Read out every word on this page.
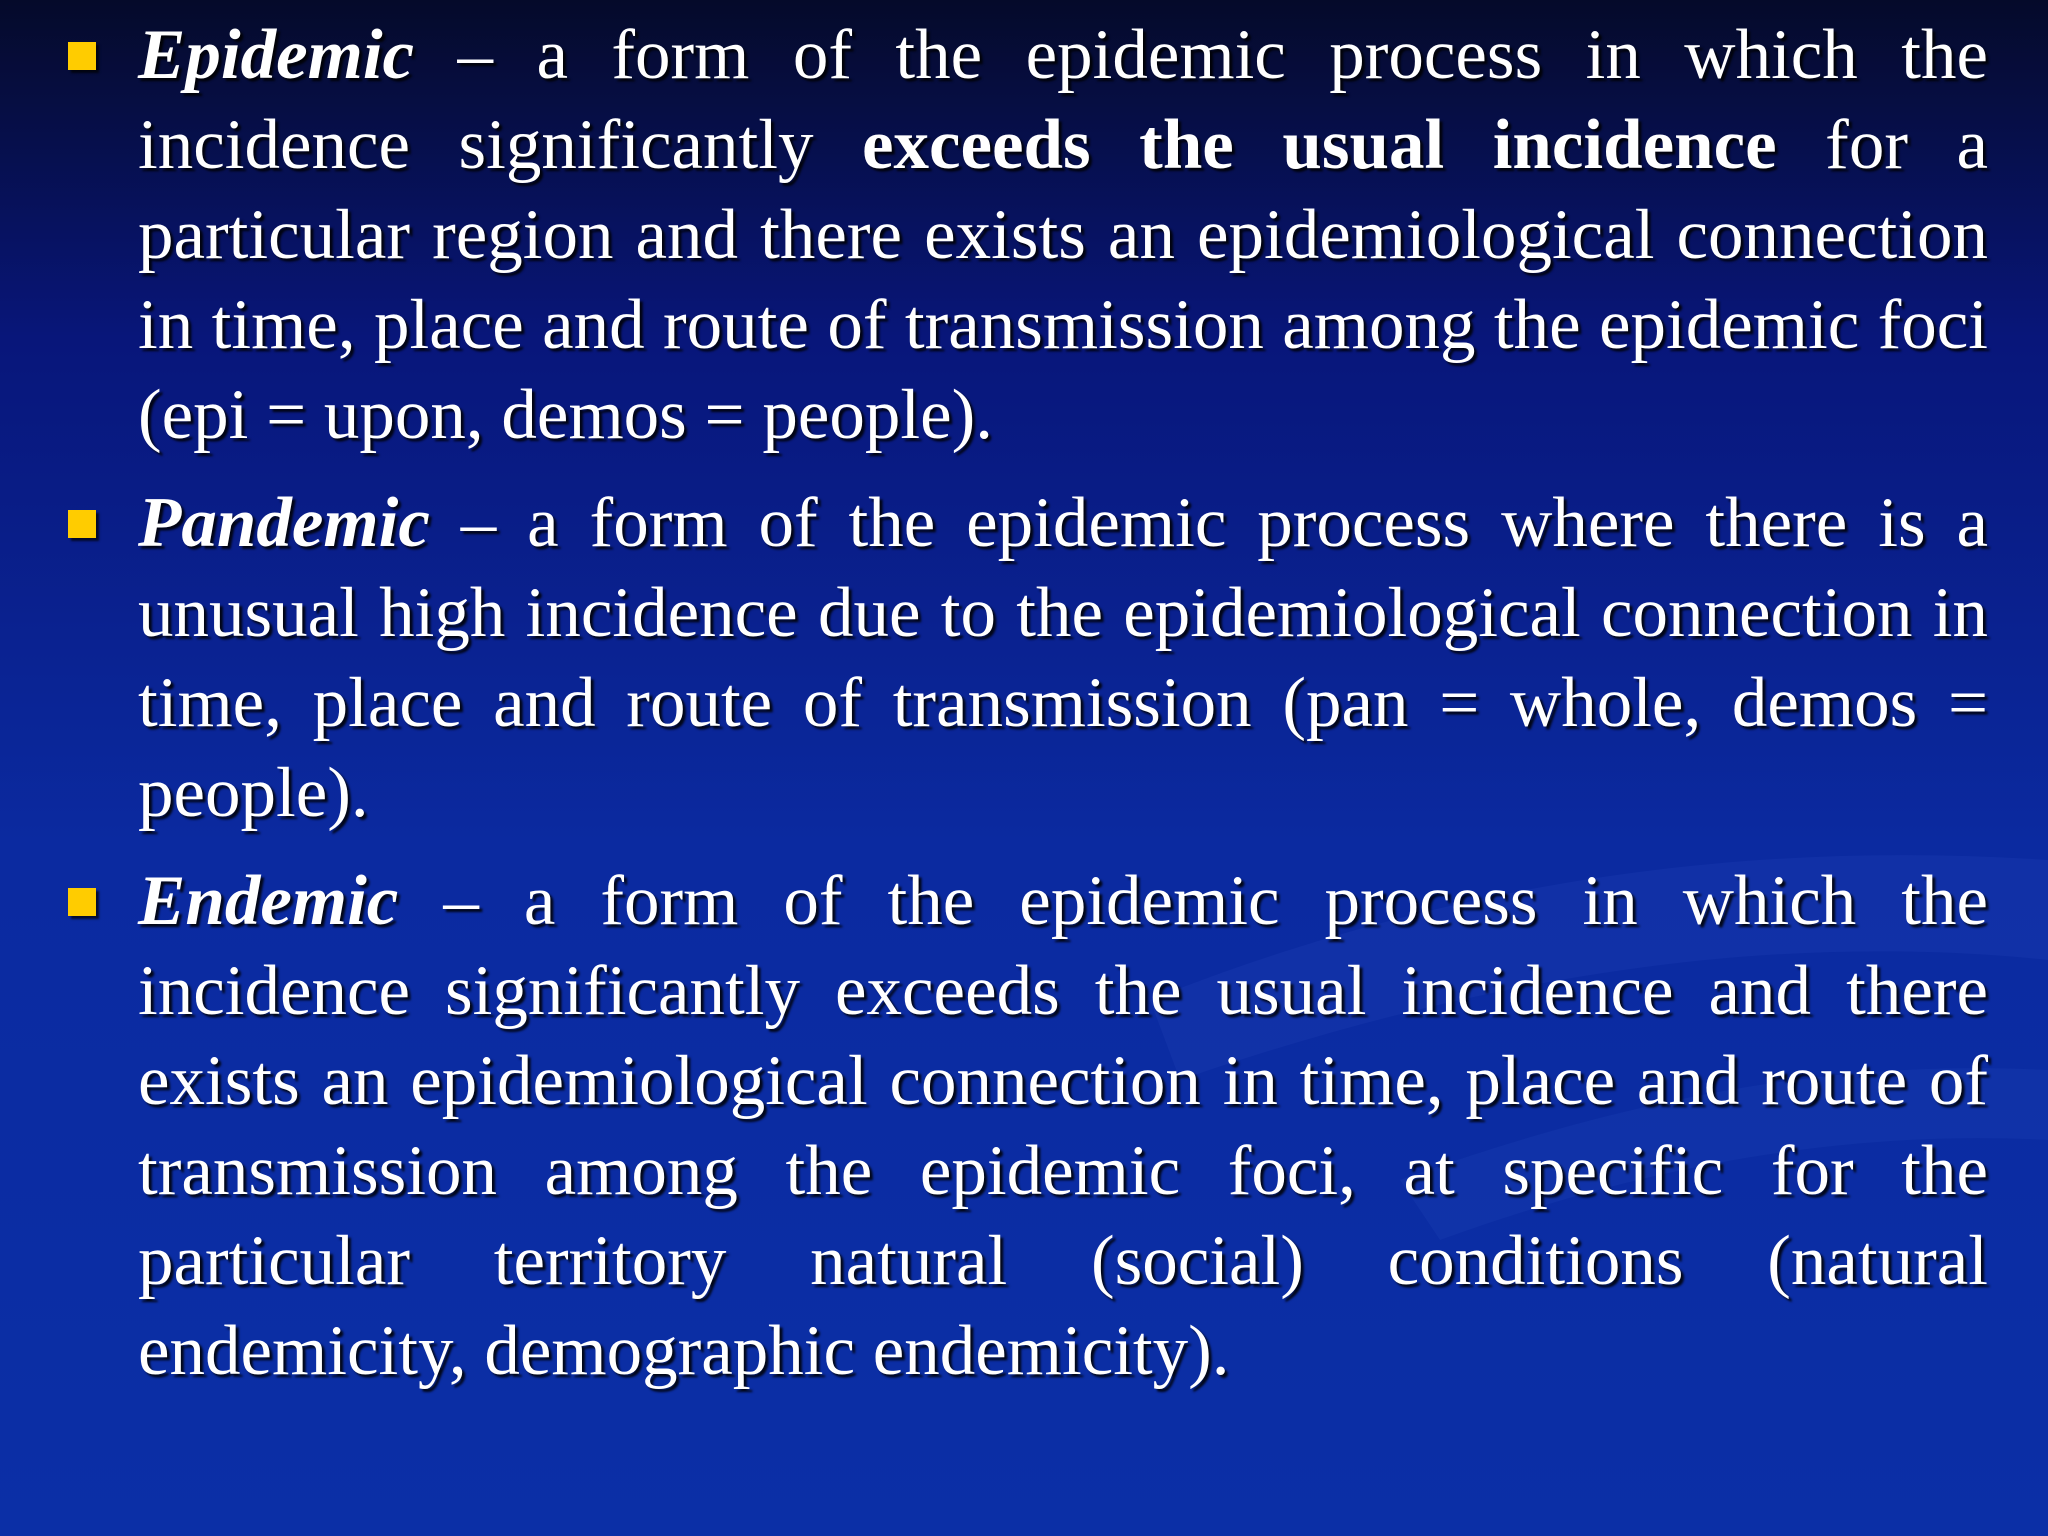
Epidemic – a form of the epidemic process in which the incidence significantly exceeds the usual incidence for a particular region and there exists an epidemiological connection in time, place and route of transmission among the epidemic foci (epi = upon, demos = people).

Pandemic – a form of the epidemic process where there is a unusual high incidence due to the epidemiological connection in time, place and route of transmission (pan = whole, demos = people).

Endemic – a form of the epidemic process in which the incidence significantly exceeds the usual incidence and there exists an epidemiological connection in time, place and route of transmission among the epidemic foci, at specific for the particular territory natural (social) conditions (natural endemicity, demographic endemicity).
